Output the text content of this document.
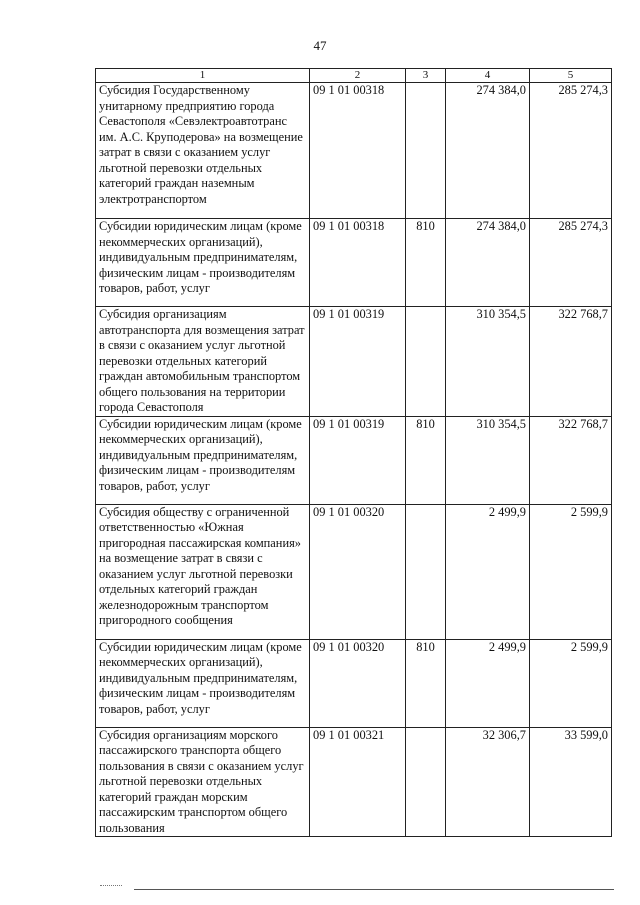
47
1	2	3	4	5
Субсидия Государственному унитарному предприятию города Севастополя «Севэлектроавтотранс им. А.С. Круподерова» на возмещение затрат в связи с оказанием услуг льготной перевозки отдельных категорий граждан наземным электротранспортом	09 1 01 00318		274 384,0	285 274,3
Субсидии юридическим лицам (кроме некоммерческих организаций), индивидуальным предпринимателям, физическим лицам - производителям товаров, работ, услуг	09 1 01 00318	810	274 384,0	285 274,3
Субсидия организациям автотранспорта для возмещения затрат в связи с оказанием услуг льготной перевозки отдельных категорий граждан автомобильным транспортом общего пользования на территории города Севастополя	09 1 01 00319		310 354,5	322 768,7
Субсидии юридическим лицам (кроме некоммерческих организаций), индивидуальным предпринимателям, физическим лицам - производителям товаров, работ, услуг	09 1 01 00319	810	310 354,5	322 768,7
Субсидия обществу с ограниченной ответственностью «Южная пригородная пассажирская компания» на возмещение затрат в связи с оказанием услуг льготной перевозки отдельных категорий граждан железнодорожным транспортом пригородного сообщения	09 1 01 00320		2 499,9	2 599,9
Субсидии юридическим лицам (кроме некоммерческих организаций), индивидуальным предпринимателям, физическим лицам - производителям товаров, работ, услуг	09 1 01 00320	810	2 499,9	2 599,9
Субсидия организациям морского пассажирского транспорта общего пользования в связи с оказанием услуг льготной перевозки отдельных категорий граждан морским пассажирским транспортом общего пользования	09 1 01 00321		32 306,7	33 599,0
